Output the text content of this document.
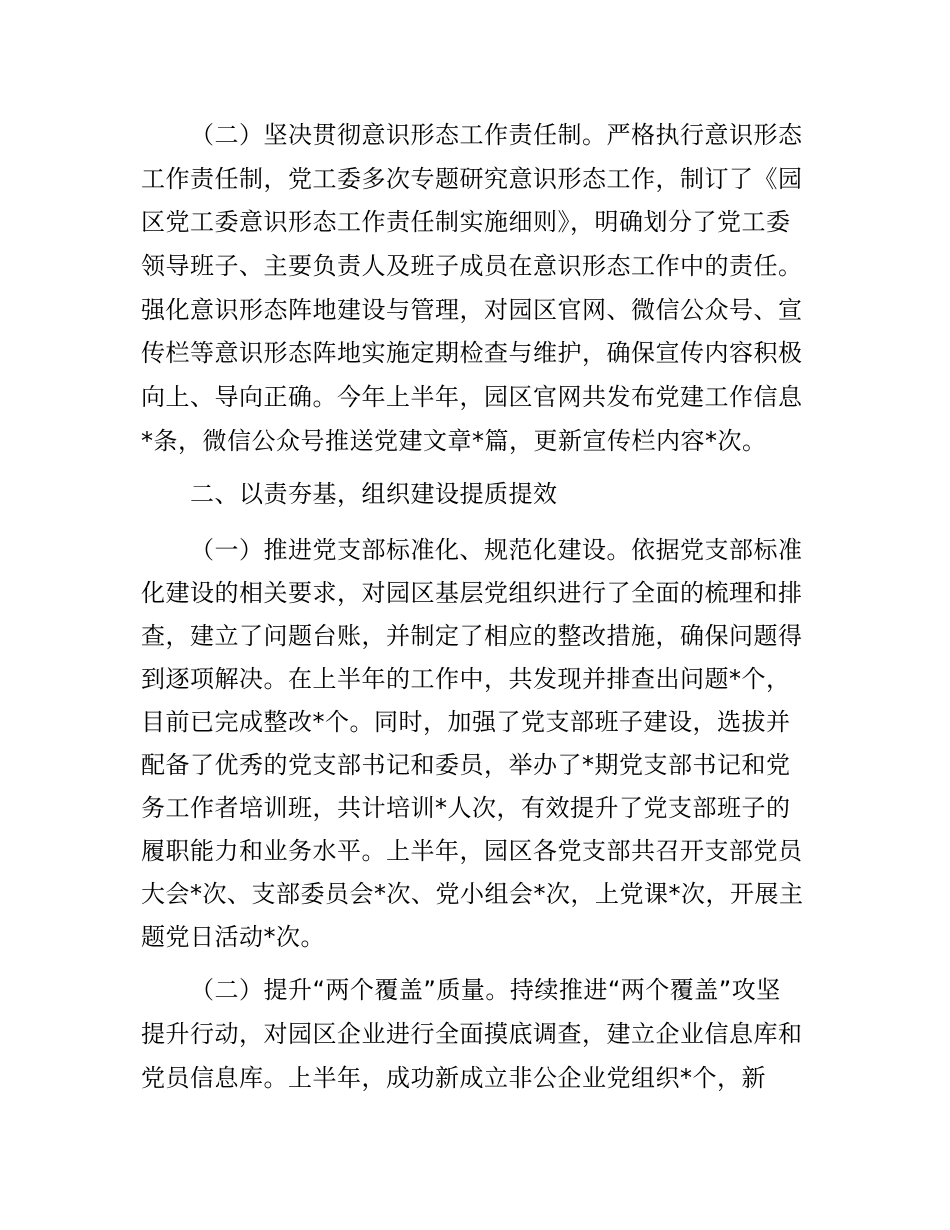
（二）坚决贯彻意识形态工作责任制。严格执行意识形态
工作责任制，党工委多次专题研究意识形态工作，制订了《园
区党工委意识形态工作责任制实施细则》，明确划分了党工委
领导班子、主要负责人及班子成员在意识形态工作中的责任。
强化意识形态阵地建设与管理，对园区官网、微信公众号、宣
传栏等意识形态阵地实施定期检查与维护，确保宣传内容积极
向上、导向正确。今年上半年，园区官网共发布党建工作信息
*条，微信公众号推送党建文章*篇，更新宣传栏内容*次。
二、以责夯基，组织建设提质提效
（一）推进党支部标准化、规范化建设。依据党支部标准
化建设的相关要求，对园区基层党组织进行了全面的梳理和排
查，建立了问题台账，并制定了相应的整改措施，确保问题得
到逐项解决。在上半年的工作中，共发现并排查出问题*个，
目前已完成整改*个。同时，加强了党支部班子建设，选拔并
配备了优秀的党支部书记和委员，举办了*期党支部书记和党
务工作者培训班，共计培训*人次，有效提升了党支部班子的
履职能力和业务水平。上半年，园区各党支部共召开支部党员
大会*次、支部委员会*次、党小组会*次，上党课*次，开展主
题党日活动*次。
（二）提升“两个覆盖”质量。持续推进“两个覆盖”攻坚
提升行动，对园区企业进行全面摸底调查，建立企业信息库和
党员信息库。上半年，成功新成立非公企业党组织*个，新
